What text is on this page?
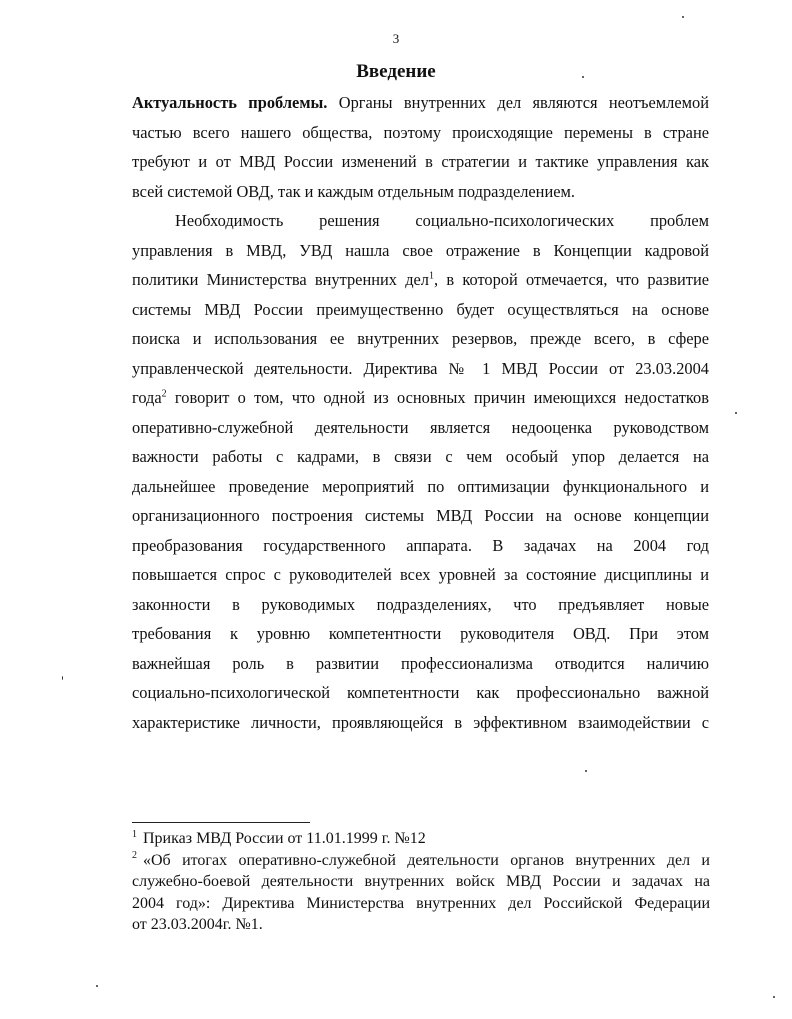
3
Введение
Актуальность проблемы. Органы внутренних дел являются неотъемлемой
частью всего нашего общества, поэтому происходящие перемены в стране
требуют и от МВД России изменений в стратегии и тактике управления как
всей системой ОВД, так и каждым отдельным подразделением.
Необходимость решения социально-психологических проблем
управления в МВД, УВД нашла свое отражение в Концепции кадровой
политики Министерства внутренних дел$^1$, в которой отмечается, что развитие
системы МВД России преимущественно будет осуществляться на основе
поиска и использования ее внутренних резервов, прежде всего, в сфере
управленческой деятельности. Директива № 1 МВД России от 23.03.2004
года$^2$ говорит о том, что одной из основных причин имеющихся недостатков
оперативно-служебной деятельности является недооценка руководством
важности работы с кадрами, в связи с чем особый упор делается на
дальнейшее проведение мероприятий по оптимизации функционального и
организационного построения системы МВД России на основе концепции
преобразования государственного аппарата. В задачах на 2004 год
повышается спрос с руководителей всех уровней за состояние дисциплины и
законности в руководимых подразделениях, что предъявляет новые
требования к уровню компетентности руководителя ОВД. При этом
важнейшая роль в развитии профессионализма отводится наличию
социально-психологической компетентности как профессионально важной
характеристике личности, проявляющейся в эффективном взаимодействии с
$^1$ Приказ МВД России от 11.01.1999 г. №12
$^2$ «Об итогах оперативно-служебной деятельности органов внутренних дел и
служебно-боевой деятельности внутренних войск МВД России и задачах на
2004 год»: Директива Министерства внутренних дел Российской Федерации
от 23.03.2004г. №1.
